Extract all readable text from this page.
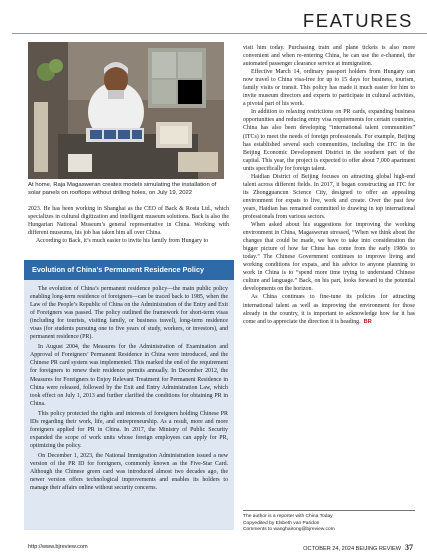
FEATURES
At home, Raja Magasweran creates models simulating the installation of solar panels on rooftops without drilling holes, on July 19, 2022

2023. He has been working in Shanghai as the CEO of Back & Rosta Ltd., which specializes in cultural digitization and intelligent museum solutions. Back is also the Hungarian National Museum’s general representative in China. Working with different museums, his job has taken him all over China.

According to Back, it’s much easier to invite his family from Hungary to

Evolution of China’s Permanent Residence Policy

The evolution of China’s permanent residence policy—the main public policy enabling long-term residence of foreigners—can be traced back to 1985, when the Law of the People’s Republic of China on the Administration of the Entry and Exit of Foreigners was passed. The policy outlined the framework for short-term visas (including for tourists, visiting family, or business travel), long-term residence visas (for students pursuing one to five years of study, workers, or investors), and permanent residence (PR).

In August 2004, the Measures for the Administration of Examination and Approval of Foreigners’ Permanent Residence in China were introduced, and the Chinese PR card system was implemented. This marked the end of the requirement for foreigners to renew their residence permits annually. In December 2012, the Measures for Foreigners to Enjoy Relevant Treatment for Permanent Residence in China were released, followed by the Exit and Entry Administration Law, which took effect on July 1, 2013 and further clarified the conditions for obtaining PR in China.

This policy protected the rights and interests of foreigners holding Chinese PR IDs regarding their work, life, and entrepreneurship. As a result, more and more foreigners applied for PR in China. In 2017, the Ministry of Public Security expanded the scope of work units whose foreign employees can apply for PR, optimizing the policy.

On December 1, 2023, the National Immigration Administration issued a new version of the PR ID for foreigners, commonly known as the Five-Star Card. Although the Chinese green card was introduced almost two decades ago, the newer version offers technological improvements and enables its holders to manage their affairs online without security concerns.

visit him today. Purchasing train and plane tickets is also more convenient and when re-entering China, he can use the e-channel, the automated passenger clearance service at immigration.

Effective March 14, ordinary passport holders from Hungary can now travel to China visa-free for up to 15 days for business, tourism, family visits or transit. This policy has made it much easier for him to invite museum directors and experts to participate in cultural activities, a pivotal part of his work.

In addition to relaxing restrictions on PR cards, expanding business opportunities and reducing entry visa requirements for certain countries, China has also been developing “international talent communities” (ITCs) to meet the needs of foreign professionals. For example, Beijing has established several such communities, including the ITC in the Beijing Economic Development District in the southern part of the capital. This year, the project is expected to offer about 7,000 apartment units specifically for foreign talent.

Haidian District of Beijing focuses on attracting global high-end talent across different fields. In 2017, it began constructing an ITC for its Zhongguancun Science City, designed to offer an appealing environment for expats to live, work and create. Over the past few years, Haidian has remained committed to drawing in top international professionals from various sectors.

When asked about his suggestions for improving the working environment in China, Magasweran stressed, “When we think about the changes that could be made, we have to take into consideration the bigger picture of how far China has come from the early 1980s to today.” The Chinese Government continues to improve living and working conditions for expats, and his advice to anyone planning to work in China is to “spend more time trying to understand Chinese culture and language.” Back, on his part, looks forward to the potential developments on the horizon.

As China continues to fine-tune its policies for attracting international talent as well as improving the environment for those already in the country, it is important to acknowledge how far it has come and to appreciate the direction it is heading. BR

The author is a reporter with China Today
Copyedited by Elsbeth van Paridon
Comments to wanghairong@bjreview.com
http://www.bjreview.com	OCTOBER 24, 2024 BEIJING REVIEW 37
